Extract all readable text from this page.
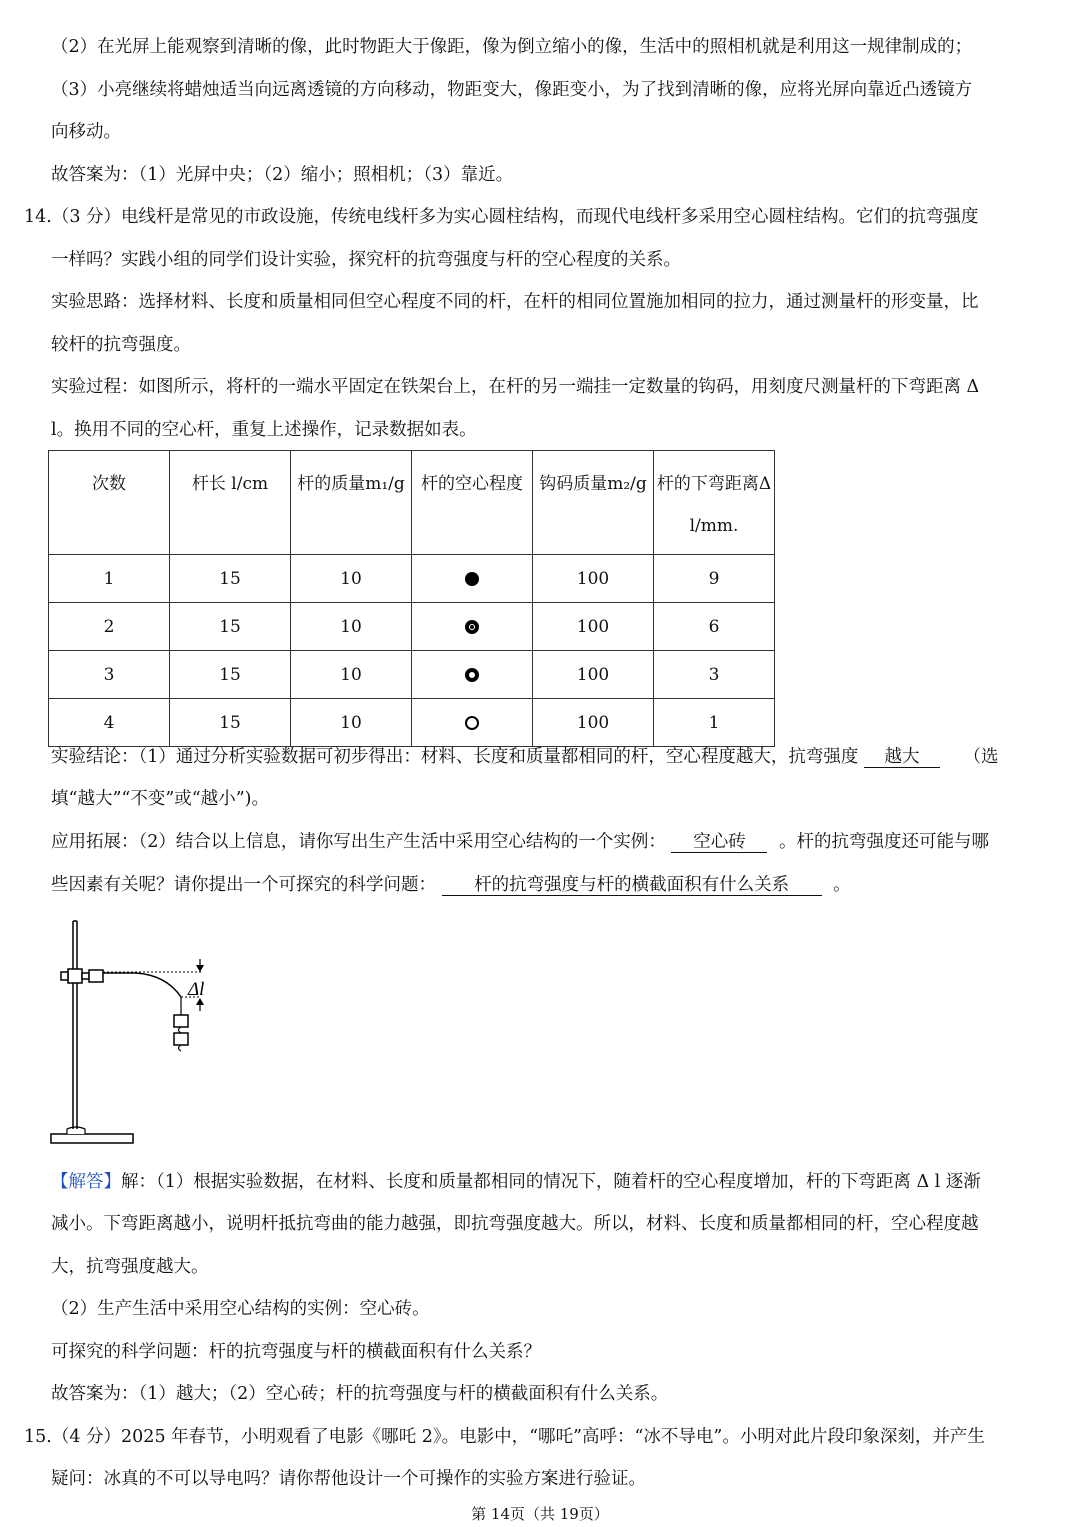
（2）在光屏上能观察到清晰的像，此时物距大于像距，像为倒立缩小的像，生活中的照相机就是利用这一规律制成的；
（3）小亮继续将蜡烛适当向远离透镜的方向移动，物距变大，像距变小，为了找到清晰的像，应将光屏向靠近凸透镜方
向移动。
故答案为：（1）光屏中央；（2）缩小；照相机；（3）靠近。
14.（3 分）电线杆是常见的市政设施，传统电线杆多为实心圆柱结构，而现代电线杆多采用空心圆柱结构。它们的抗弯强度
一样吗？实践小组的同学们设计实验，探究杆的抗弯强度与杆的空心程度的关系。
实验思路：选择材料、长度和质量相同但空心程度不同的杆，在杆的相同位置施加相同的拉力，通过测量杆的形变量，比
较杆的抗弯强度。
实验过程：如图所示，将杆的一端水平固定在铁架台上，在杆的另一端挂一定数量的钩码，用刻度尺测量杆的下弯距离 Δ
l。换用不同的空心杆，重复上述操作，记录数据如表。
次数	杆长 l/cm	杆的质量m₁/g	杆的空心程度	钩码质量m₂/g	杆的下弯距离Δ l/mm.
1	15	10		100	9
2	15	10		100	6
3	15	10		100	3
4	15	10		100	1
实验结论：（1）通过分析实验数据可初步得出：材料、长度和质量都相同的杆，空心程度越大，抗弯强度 越大	（选
填“越大”“不变”或“越小”)。
应用拓展：（2）结合以上信息，请你写出生产生活中采用空心结构的一个实例： 空心砖 。杆的抗弯强度还可能与哪
些因素有关呢？请你提出一个可探究的科学问题： 杆的抗弯强度与杆的横截面积有什么关系	。
Δl
【解答】解：（1）根据实验数据，在材料、长度和质量都相同的情况下，随着杆的空心程度增加，杆的下弯距离 Δ l 逐渐
减小。下弯距离越小，说明杆抵抗弯曲的能力越强，即抗弯强度越大。所以，材料、长度和质量都相同的杆，空心程度越
大，抗弯强度越大。
（2）生产生活中采用空心结构的实例：空心砖。
可探究的科学问题：杆的抗弯强度与杆的横截面积有什么关系？
故答案为：（1）越大；（2）空心砖；杆的抗弯强度与杆的横截面积有什么关系。
15.（4 分）2025 年春节，小明观看了电影《哪吒 2》。电影中，“哪吒”高呼：“冰不导电”。小明对此片段印象深刻，并产生
疑问：冰真的不可以导电吗？请你帮他设计一个可操作的实验方案进行验证。
第 14页（共 19页）
